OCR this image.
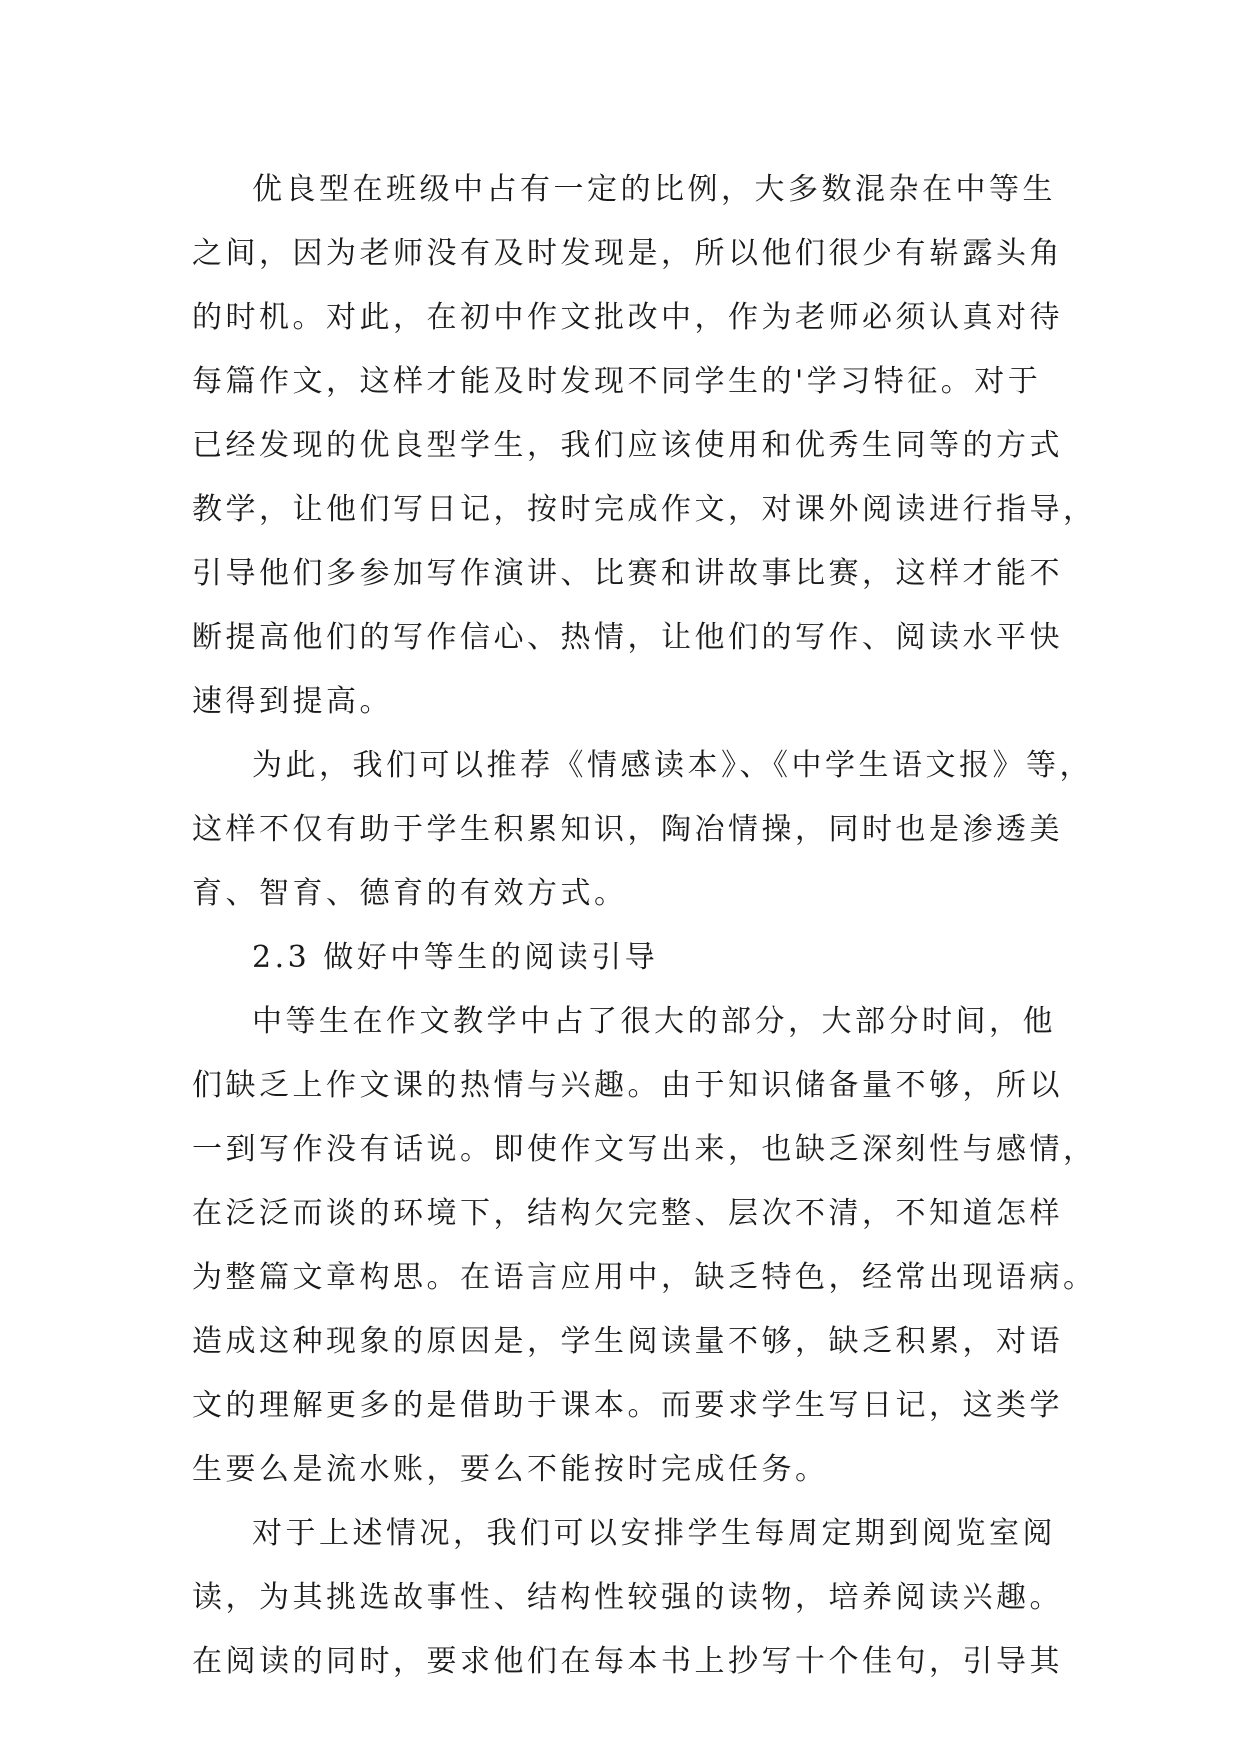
优良型在班级中占有一定的比例，大多数混杂在中等生
之间，因为老师没有及时发现是，所以他们很少有崭露头角
的时机。对此，在初中作文批改中，作为老师必须认真对待
每篇作文，这样才能及时发现不同学生的'学习特征。对于
已经发现的优良型学生，我们应该使用和优秀生同等的方式
教学，让他们写日记，按时完成作文，对课外阅读进行指导，
引导他们多参加写作演讲、比赛和讲故事比赛，这样才能不
断提高他们的写作信心、热情，让他们的写作、阅读水平快
速得到提高。
为此，我们可以推荐《情感读本》、《中学生语文报》等，
这样不仅有助于学生积累知识，陶冶情操，同时也是渗透美
育、智育、德育的有效方式。
2.3 做好中等生的阅读引导
中等生在作文教学中占了很大的部分，大部分时间，他
们缺乏上作文课的热情与兴趣。由于知识储备量不够，所以
一到写作没有话说。即使作文写出来，也缺乏深刻性与感情，
在泛泛而谈的环境下，结构欠完整、层次不清，不知道怎样
为整篇文章构思。在语言应用中，缺乏特色，经常出现语病。
造成这种现象的原因是，学生阅读量不够，缺乏积累，对语
文的理解更多的是借助于课本。而要求学生写日记，这类学
生要么是流水账，要么不能按时完成任务。
对于上述情况，我们可以安排学生每周定期到阅览室阅
读，为其挑选故事性、结构性较强的读物，培养阅读兴趣。
在阅读的同时，要求他们在每本书上抄写十个佳句，引导其
